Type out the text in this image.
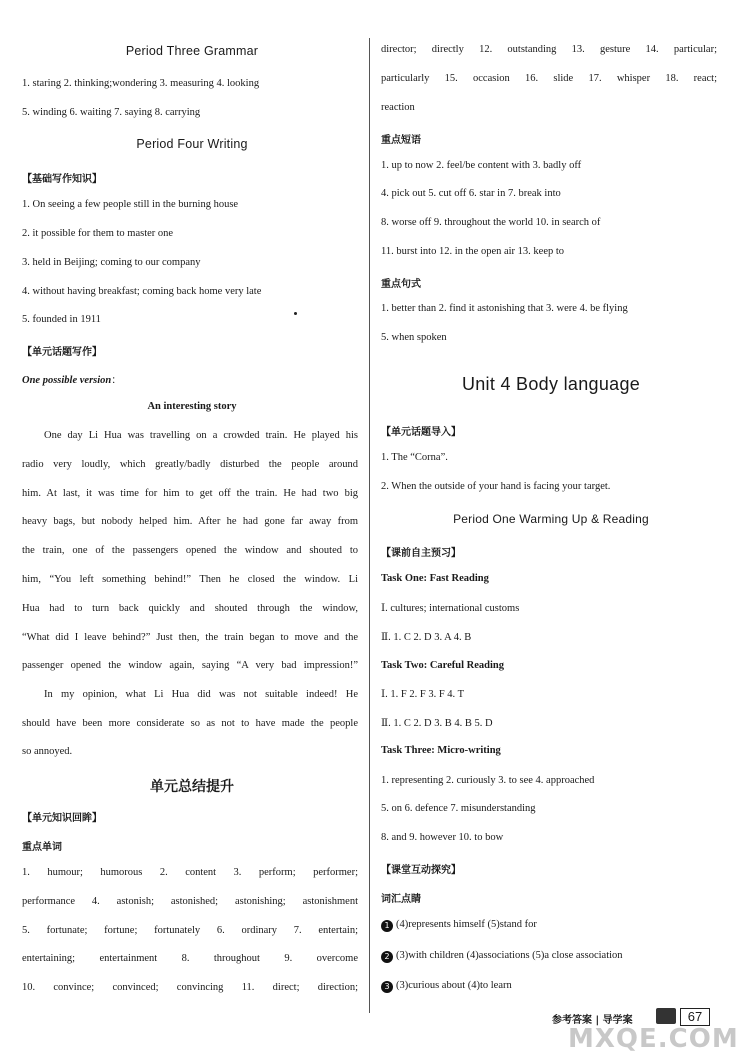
Period Three Grammar
1. staring 2. thinking;wondering 3. measuring 4. looking
5. winding 6. waiting 7. saying 8. carrying
Period Four Writing
【基础写作知识】
1. On seeing a few people still in the burning house
2. it possible for them to master one
3. held in Beijing; coming to our company
4. without having breakfast; coming back home very late
5. founded in 1911
【单元话题写作】
One possible version：
An interesting story
One day Li Hua was travelling on a crowded train. He played his
radio very loudly, which greatly/badly disturbed the people around
him. At last, it was time for him to get off the train. He had two big
heavy bags, but nobody helped him. After he had gone far away from
the train, one of the passengers opened the window and shouted to
him, “You left something behind!” Then he closed the window. Li
Hua had to turn back quickly and shouted through the window,
“What did I leave behind?” Just then, the train began to move and the
passenger opened the window again, saying “A very bad impression!”
In my opinion, what Li Hua did was not suitable indeed! He
should have been more considerate so as not to have made the people
so annoyed.
单元总结提升
【单元知识回眸】
重点单词
1. humour; humorous 2. content 3. perform; performer;
performance 4. astonish; astonished; astonishing; astonishment
5. fortunate; fortune; fortunately 6. ordinary 7. entertain;
entertaining; entertainment 8. throughout 9. overcome
10. convince; convinced; convincing 11. direct; direction;
director; directly 12. outstanding 13. gesture 14. particular;
particularly 15. occasion 16. slide 17. whisper 18. react;
reaction
重点短语
1. up to now 2. feel/be content with 3. badly off
4. pick out 5. cut off 6. star in 7. break into
8. worse off 9. throughout the world 10. in search of
11. burst into 12. in the open air 13. keep to
重点句式
1. better than 2. find it astonishing that 3. were 4. be flying
5. when spoken
Unit 4 Body language
【单元话题导入】
1. The “Corna”.
2. When the outside of your hand is facing your target.
Period One Warming Up & Reading
【课前自主预习】
Task One: Fast Reading
Ⅰ. cultures; international customs
Ⅱ. 1. C 2. D 3. A 4. B
Task Two: Careful Reading
Ⅰ. 1. F 2. F 3. F 4. T
Ⅱ. 1. C 2. D 3. B 4. B 5. D
Task Three: Micro-writing
1. representing 2. curiously 3. to see 4. approached
5. on 6. defence 7. misunderstanding
8. and 9. however 10. to bow
【课堂互动探究】
词汇点睛
1 (4)represents himself (5)stand for
2 (3)with children (4)associations (5)a close association
3 (3)curious about (4)to learn
参考答案 | 导学案	67
MXQE.COM
